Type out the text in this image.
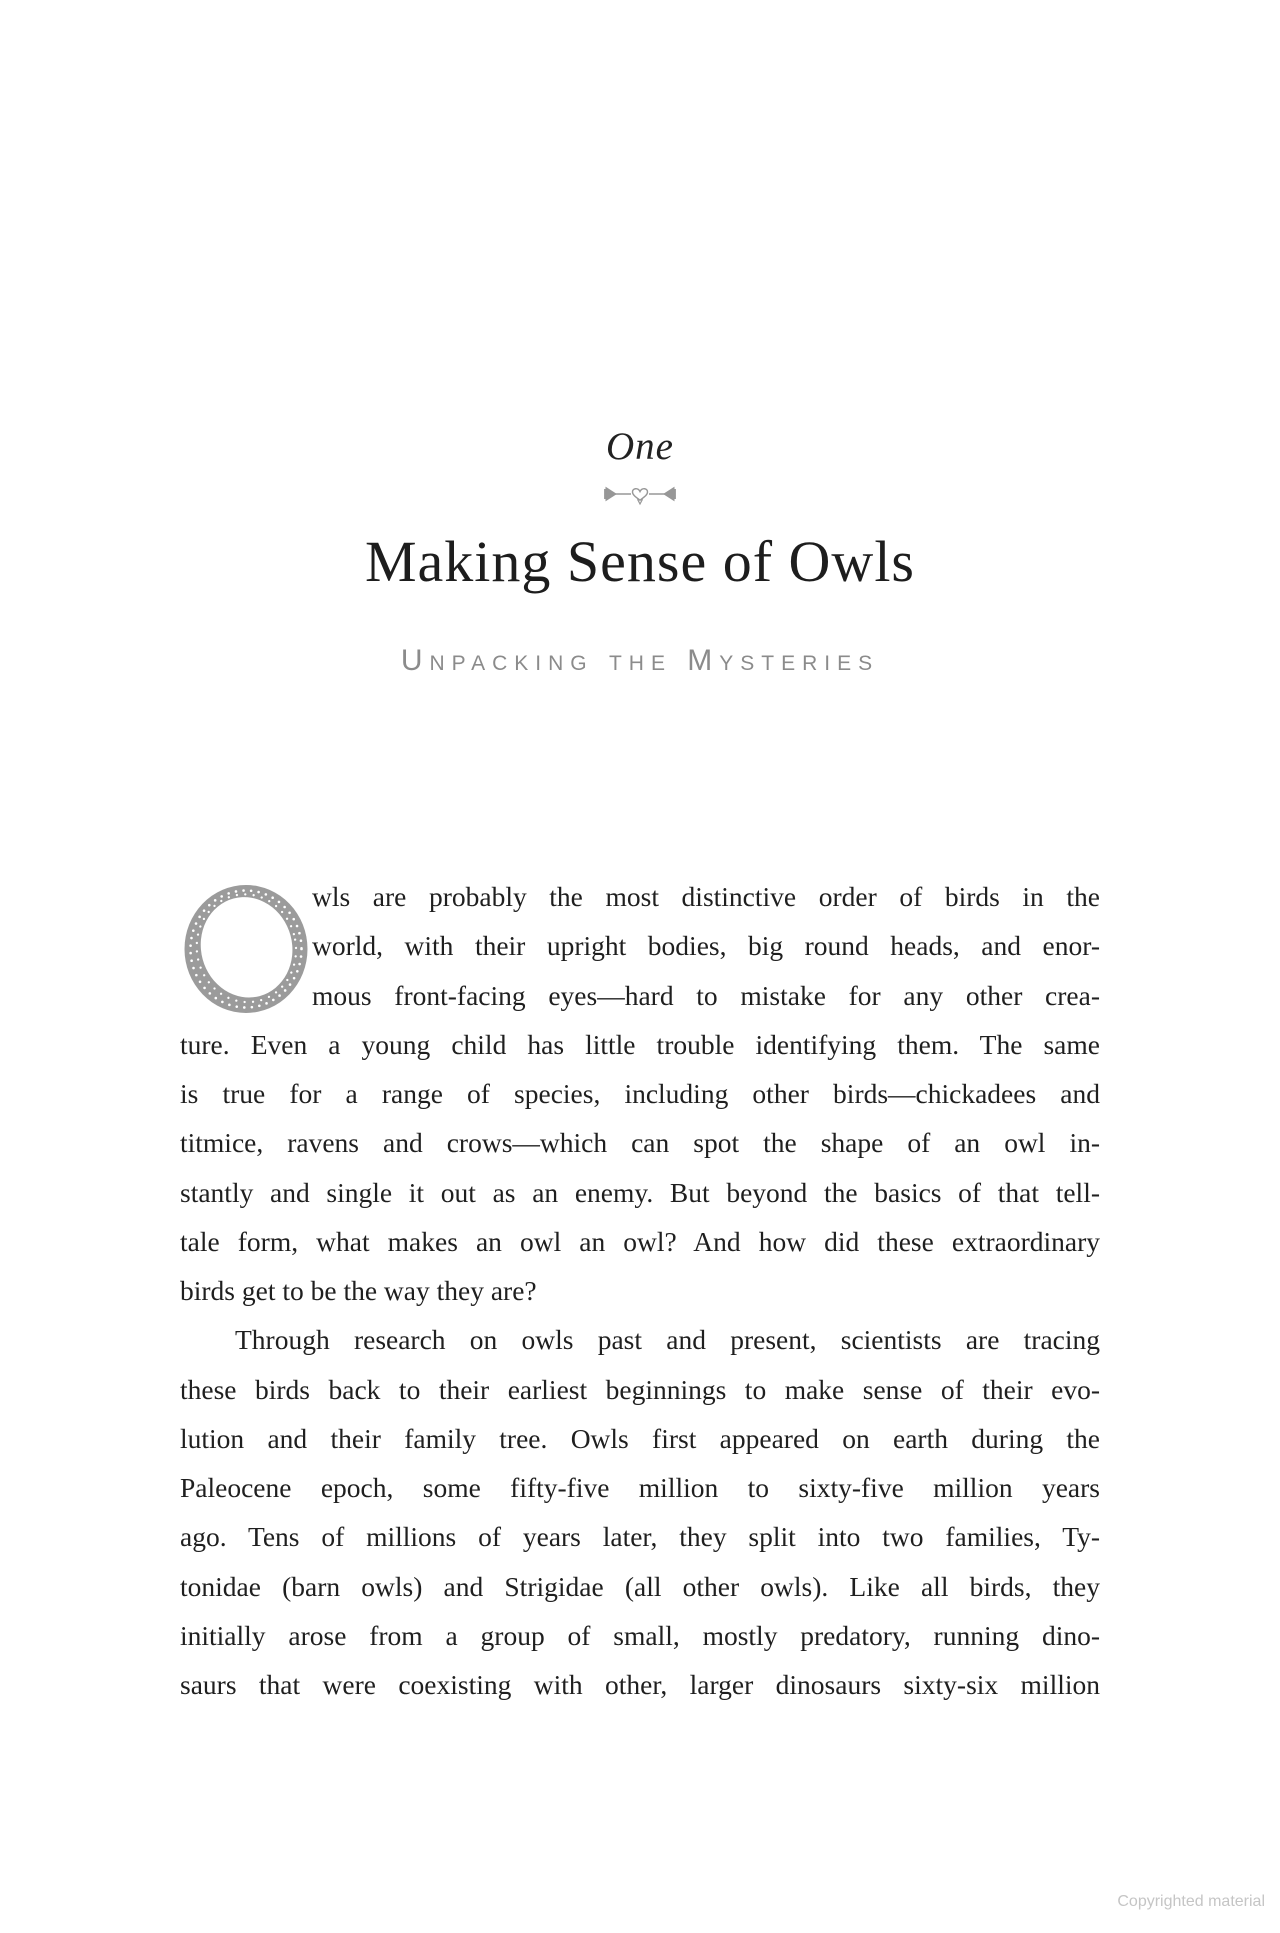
One
Making Sense of Owls
Unpacking the Mysteries
wls are probably the most distinctive order of birds in the
world, with their upright bodies, big round heads, and enor-
mous front-facing eyes—hard to mistake for any other crea-
ture. Even a young child has little trouble identifying them. The same
is true for a range of species, including other birds—chickadees and
titmice, ravens and crows—which can spot the shape of an owl in-
stantly and single it out as an enemy. But beyond the basics of that tell-
tale form, what makes an owl an owl? And how did these extraordinary
birds get to be the way they are?
Through research on owls past and present, scientists are tracing
these birds back to their earliest beginnings to make sense of their evo-
lution and their family tree. Owls first appeared on earth during the
Paleocene epoch, some fifty-five million to sixty-five million years
ago. Tens of millions of years later, they split into two families, Ty-
tonidae (barn owls) and Strigidae (all other owls). Like all birds, they
initially arose from a group of small, mostly predatory, running dino-
saurs that were coexisting with other, larger dinosaurs sixty-six million
Copyrighted material
